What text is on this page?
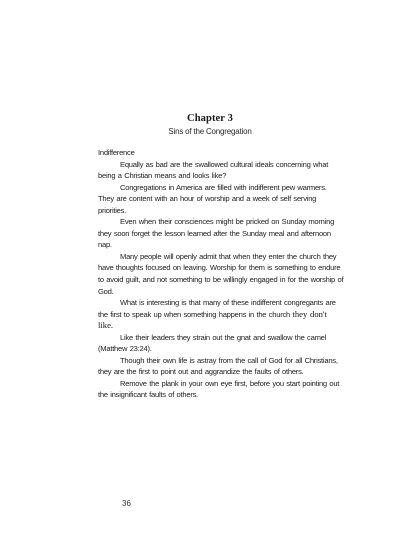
Chapter 3
Sins of the Congregation
Indifference
Equally as bad are the swallowed cultural ideals concerning what being a Christian means and looks like?
Congregations in America are filled with indifferent pew warmers. They are content with an hour of worship and a week of self serving priorities.
Even when their consciences might be pricked on Sunday morning they soon forget the lesson learned after the Sunday meal and afternoon nap.
Many people will openly admit that when they enter the church they have thoughts focused on leaving. Worship for them is something to endure to avoid guilt, and not something to be willingly engaged in for the worship of God.
What is interesting is that many of these indifferent congregants are the first to speak up when something happens in the church they don't like.
Like their leaders they strain out the gnat and swallow the camel (Matthew 23:24).
Though their own life is astray from the call of God for all Christians, they are the first to point out and aggrandize the faults of others.
Remove the plank in your own eye first, before you start pointing out the insignificant faults of others.
36
